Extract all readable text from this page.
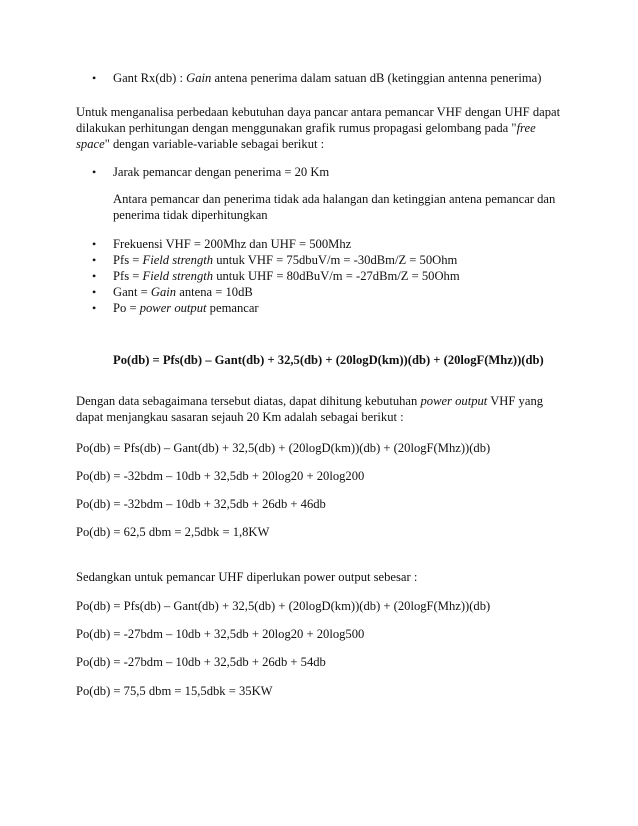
•	Gant Rx(db) : Gain antena penerima dalam satuan dB (ketinggian antenna penerima)
Untuk menganalisa perbedaan kebutuhan daya pancar antara pemancar VHF dengan UHF dapat
dilakukan perhitungan dengan menggunakan grafik rumus propagasi gelombang pada "free
space" dengan variable-variable sebagai berikut :
•	Jarak pemancar dengan penerima = 20 Km
Antara pemancar dan penerima tidak ada halangan dan ketinggian antena pemancar dan
penerima tidak diperhitungkan
•	Frekuensi VHF = 200Mhz dan UHF = 500Mhz
•	Pfs = Field strength untuk VHF = 75dbuV/m = -30dBm/Z = 50Ohm
•	Pfs = Field strength untuk UHF = 80dBuV/m = -27dBm/Z = 50Ohm
•	Gant = Gain antena = 10dB
•	Po = power output pemancar
Po(db) = Pfs(db) – Gant(db) + 32,5(db) + (20logD(km))(db) + (20logF(Mhz))(db)
Dengan data sebagaimana tersebut diatas, dapat dihitung kebutuhan power output VHF yang
dapat menjangkau sasaran sejauh 20 Km adalah sebagai berikut :
Po(db) = Pfs(db) – Gant(db) + 32,5(db) + (20logD(km))(db) + (20logF(Mhz))(db)
Po(db) = -32bdm – 10db + 32,5db + 20log20 + 20log200
Po(db) = -32bdm – 10db + 32,5db + 26db + 46db
Po(db) = 62,5 dbm = 2,5dbk = 1,8KW
Sedangkan untuk pemancar UHF diperlukan power output sebesar :
Po(db) = Pfs(db) – Gant(db) + 32,5(db) + (20logD(km))(db) + (20logF(Mhz))(db)
Po(db) = -27bdm – 10db + 32,5db + 20log20 + 20log500
Po(db) = -27bdm – 10db + 32,5db + 26db + 54db
Po(db) = 75,5 dbm = 15,5dbk = 35KW
